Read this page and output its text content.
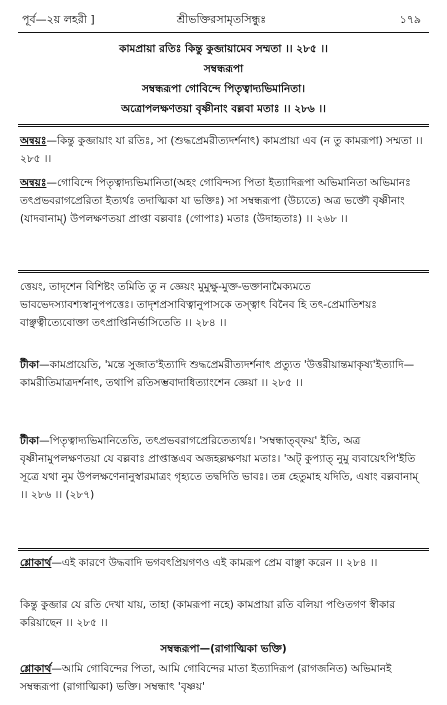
পূর্ব—২য় লহরী ]	শ্রীভক্তিরসামৃতসিন্ধুঃ	১৭৯
কামপ্রায়া রতিঃ কিন্তু কুব্জায়ামেব সম্মতা ।। ২৮৫ ।।
সম্বন্ধরূপা
সম্বন্ধরূপা গোবিন্দে পিতৃত্বাদ্যভিমানিতা।
অত্রোপলক্ষণতয়া বৃষ্ণীনাং বল্লবা মতাঃ ।। ২৮৬ ।।
অন্বয়ঃ—কিন্তু কুব্জায়াং যা রতিঃ, সা (শুদ্ধপ্রেমরীত্যদর্শনাৎ) কামপ্রায়া এব (ন তু কামরূপা) সম্মতা ।। ২৮৫ ।।
অন্বয়ঃ—গোবিন্দে পিতৃত্বাদ্যভিমানিতা(অহং গোবিন্দস্য পিতা ইত্যাদিরূপা অভিমানিতা অভিমানঃ তৎপ্রভবরাগপ্রেরিতা ইত্যর্থঃ তদাত্মিকা যা ভক্তিঃ) সা সম্বন্ধরূপা (উচ্যতে) অত্র ভক্তৌ বৃষ্ণীনাং (যাদবানাম্) উপলক্ষণতয়া প্রাপ্তা বল্লবাঃ (গোপাঃ) মতাঃ (উদাহৃতাঃ) ।। ২৬৮ ।।
ত্তেয়ং, তাদৃশেন বিশিষ্টং তমিতি তু ন জ্ঞেয়ং মুমুক্ষু-মুক্ত-ভক্তানামৈক্যমতে ভাবভেদস্যাবশ্যস্বানুপপত্তেঃ। তাদৃশপ্রসাবিত্বানুপাসকে তস্ত্বাৎ বিনৈব হি তৎ-প্রেমাতিশয়ঃ বাঞ্ছত্বীত্যেবোক্তা তৎপ্রাপ্তিনির্ভাসিতেতি ।। ২৮৪ ।।
টীকা—কামপ্রায়েতি, 'মন্তে সুজাত'ইত্যাদি শুদ্ধপ্রেমরীত্যদর্শনাৎ প্রত্যুত 'উত্তরীয়ান্তমাকৃষ্য'ইত্যাদি—কামরীতিমাত্রদর্শনাৎ, তথাপি রতিসম্ভবাদাধিত্যাংশেন জ্ঞেয়া ।। ২৮৫ ।।
টীকা—পিতৃত্বাদ্যভিমানিতেতি, তৎপ্রভবরাগপ্রেরিতেত্যর্থঃ। 'সম্বন্ধাত্ব্ফয়' ইতি, অত্র বৃষ্ণীনামুপলক্ষণতয়া যে বল্লবাঃ প্রাপ্তাস্তএব অজহল্লক্ষণয়া মতাঃ। 'অট্ কুপ্যাত্ নুমু ব্যবায়েঽপি'ইতি সূত্রে যথা নুম উপলক্ষণেনানুস্বারমাত্রং গৃহ্যতে তদ্বদিতি ভাবঃ। তন্ন হেতুমাহ যদিতি, এষাং বল্লবানাম্ ।। ২৮৬ ।। (২৮৭)
শ্লোকার্থ—এই কারণে উদ্ধবাদি ভগবৎপ্রিয়গণও এই কামরূপ প্রেম বাঞ্ছা করেন ।। ২৮৪ ।।
কিন্তু কুব্জার যে রতি দেখা যায়, তাহা (কামরূপা নহে) কামপ্রায়া রতি বলিয়া পণ্ডিতগণ স্বীকার করিয়াছেন ।। ২৮৫ ।।
সম্বন্ধরূপা—(রাগাত্মিকা ভক্তি)
শ্লোকার্থ—আমি গোবিন্দের পিতা, আমি গোবিন্দের মাতা ইত্যাদিরূপ (রাগজনিত) অভিমানই সম্বন্ধরূপা (রাগাত্মিকা) ভক্তি। সম্বন্ধাৎ 'বৃষ্ণয়'
